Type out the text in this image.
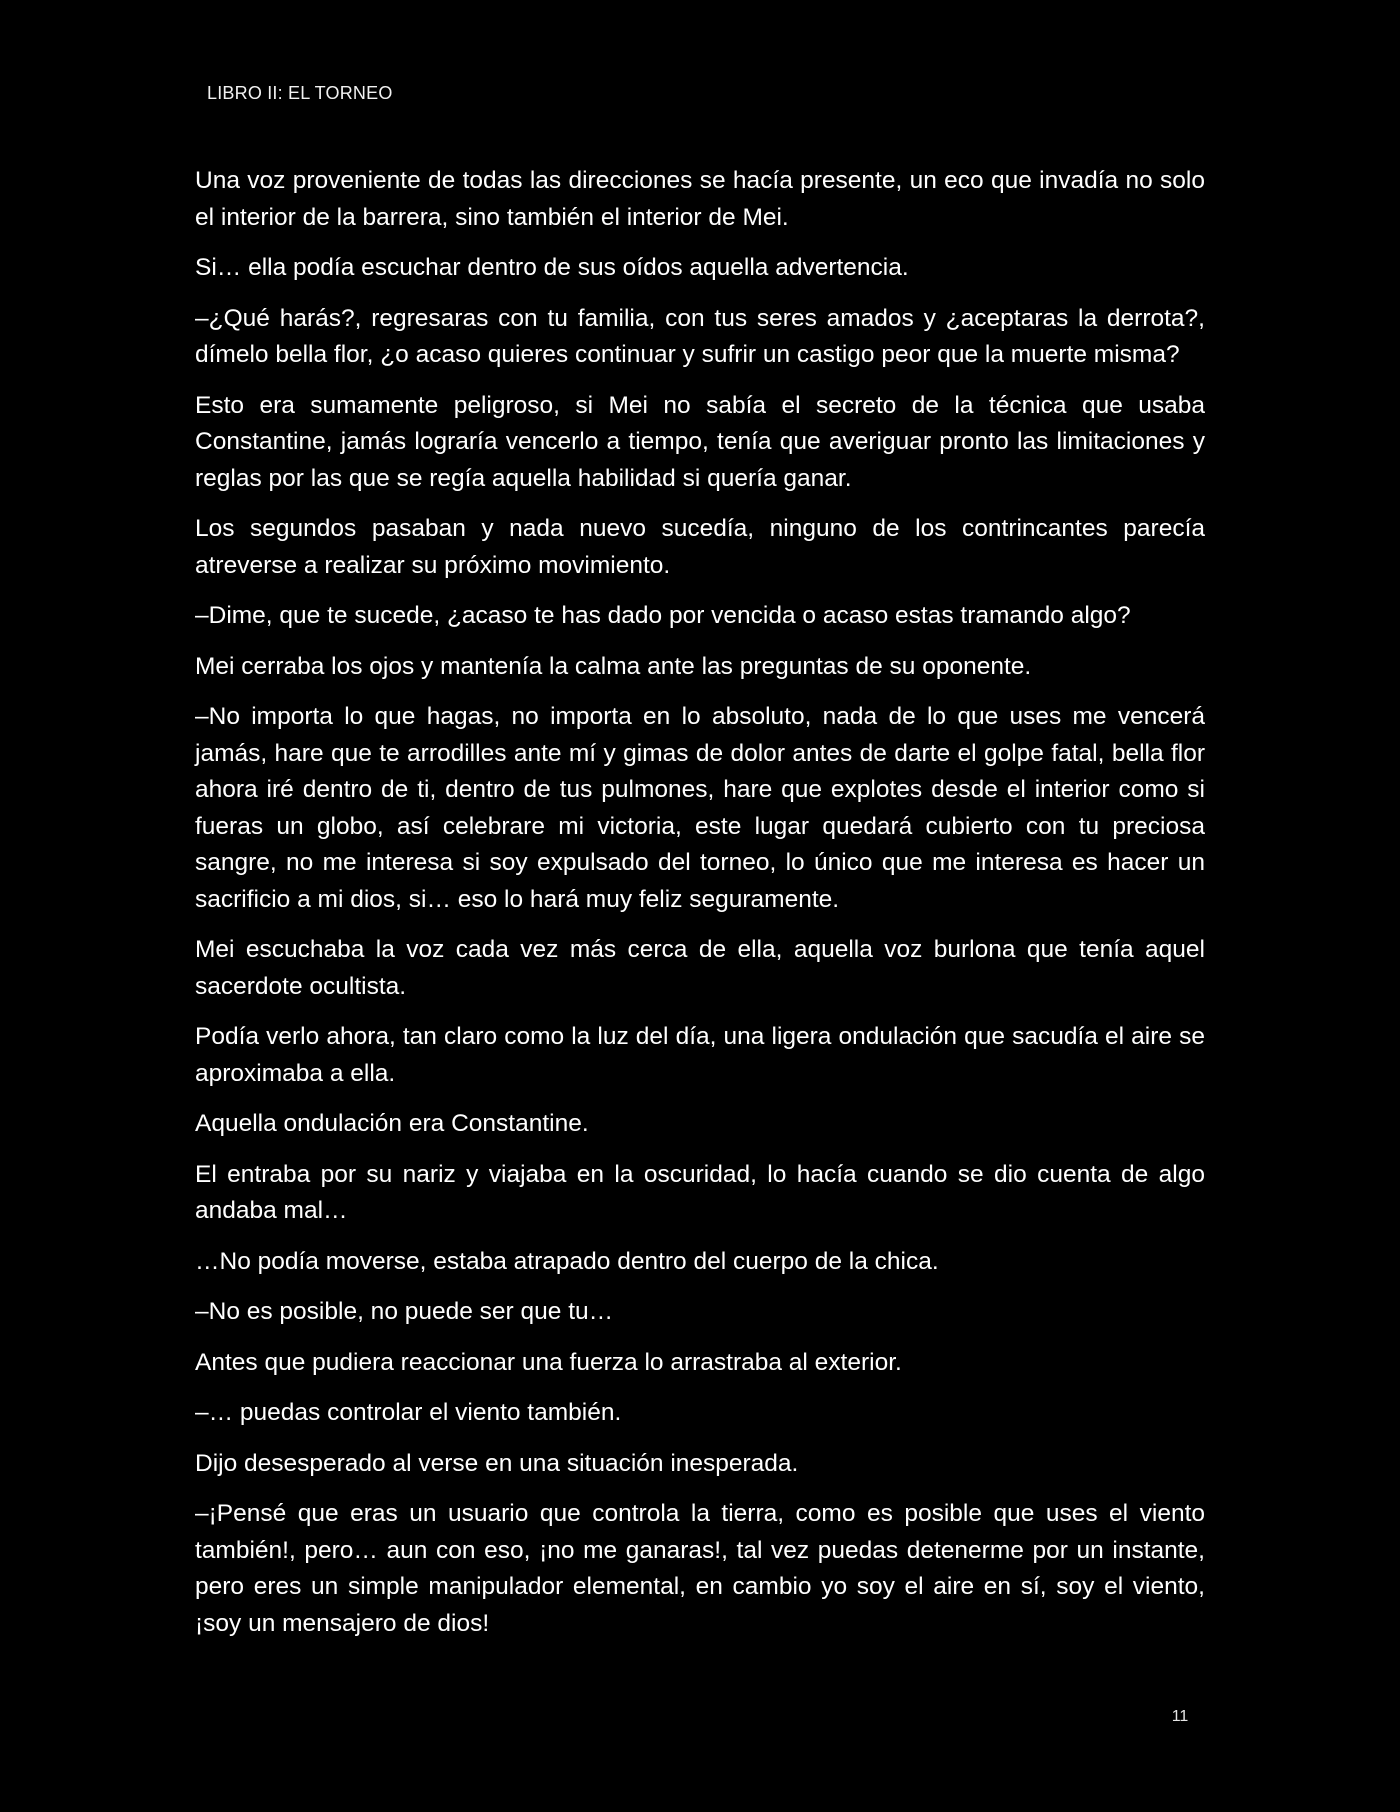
LIBRO II: EL TORNEO

Una voz proveniente de todas las direcciones se hacía presente, un eco que invadía no solo el interior de la barrera, sino también el interior de Mei.

Si… ella podía escuchar dentro de sus oídos aquella advertencia.

–¿Qué harás?, regresaras con tu familia, con tus seres amados y ¿aceptaras la derrota?, dímelo bella flor, ¿o acaso quieres continuar y sufrir un castigo peor que la muerte misma?

Esto era sumamente peligroso, si Mei no sabía el secreto de la técnica que usaba Constantine, jamás lograría vencerlo a tiempo, tenía que averiguar pronto las limitaciones y reglas por las que se regía aquella habilidad si quería ganar.

Los segundos pasaban y nada nuevo sucedía, ninguno de los contrincantes parecía atreverse a realizar su próximo movimiento.

–Dime, que te sucede, ¿acaso te has dado por vencida o acaso estas tramando algo?

Mei cerraba los ojos y mantenía la calma ante las preguntas de su oponente.

–No importa lo que hagas, no importa en lo absoluto, nada de lo que uses me vencerá jamás, hare que te arrodilles ante mí y gimas de dolor antes de darte el golpe fatal, bella flor ahora iré dentro de ti, dentro de tus pulmones, hare que explotes desde el interior como si fueras un globo, así celebrare mi victoria, este lugar quedará cubierto con tu preciosa sangre, no me interesa si soy expulsado del torneo, lo único que me interesa es hacer un sacrificio a mi dios, si… eso lo hará muy feliz seguramente.

Mei escuchaba la voz cada vez más cerca de ella, aquella voz burlona que tenía aquel sacerdote ocultista.

Podía verlo ahora, tan claro como la luz del día, una ligera ondulación que sacudía el aire se aproximaba a ella.

Aquella ondulación era Constantine.

El entraba por su nariz y viajaba en la oscuridad, lo hacía cuando se dio cuenta de algo andaba mal…

…No podía moverse, estaba atrapado dentro del cuerpo de la chica.

–No es posible, no puede ser que tu…

Antes que pudiera reaccionar una fuerza lo arrastraba al exterior.

–… puedas controlar el viento también.

Dijo desesperado al verse en una situación inesperada.

–¡Pensé que eras un usuario que controla la tierra, como es posible que uses el viento también!, pero… aun con eso, ¡no me ganaras!, tal vez puedas detenerme por un instante, pero eres un simple manipulador elemental, en cambio yo soy el aire en sí, soy el viento, ¡soy un mensajero de dios!

11
